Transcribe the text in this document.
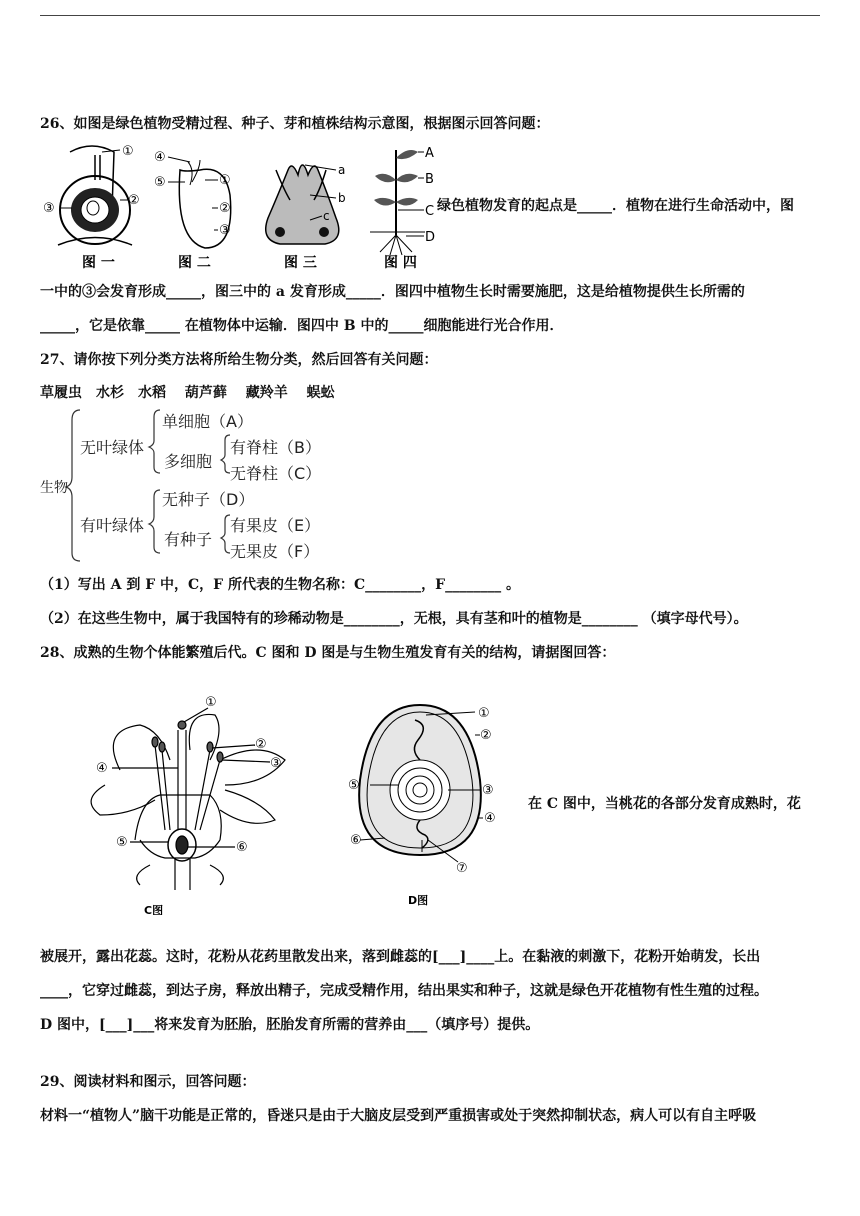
26、如图是绿色植物受精过程、种子、芽和植株结构示意图，根据图示回答问题：
①
②
③
图 一
④
⑤	①
②
③
图 二
a
b
c
图 三
A
B
C
D
图 四
绿色植物发育的起点是_____．植物在进行生命活动中，图
一中的③会发育形成_____，图三中的 a 发育形成_____．图四中植物生长时需要施肥，这是给植物提供生长所需的
_____，它是依靠_____ 在植物体中运输．图四中 B 中的_____细胞能进行光合作用．
27、请你按下列分类方法将所给生物分类，然后回答有关问题：
草履虫　水杉　水稻　 葫芦藓　 藏羚羊　 蜈蚣
生物
无叶绿体
单细胞（A）
多细胞
有脊柱（B）
无脊柱（C）
有叶绿体
无种子（D）
有种子
有果皮（E）
无果皮（F）
（1）写出 A 到 F 中，C，F 所代表的生物名称：C________，F________ 。
（2）在这些生物中，属于我国特有的珍稀动物是________，无根，具有茎和叶的植物是________ （填字母代号）。
28、成熟的生物个体能繁殖后代。C 图和 D 图是与生物生殖发育有关的结构，请据图回答：
①
②
③
④
⑤	⑥
C图
①
②
③
④
⑤
⑥
⑦
D图
在 C 图中，当桃花的各部分发育成熟时，花
被展开，露出花蕊。这时，花粉从花药里散发出来，落到雌蕊的[___]____上。在黏液的刺激下，花粉开始萌发，长出
____，它穿过雌蕊，到达子房，释放出精子，完成受精作用，结出果实和种子，这就是绿色开花植物有性生殖的过程。
D 图中，[___]___将来发育为胚胎，胚胎发育所需的营养由___（填序号）提供。
29、阅读材料和图示，回答问题：
材料一“植物人”脑干功能是正常的，昏迷只是由于大脑皮层受到严重损害或处于突然抑制状态，病人可以有自主呼吸
